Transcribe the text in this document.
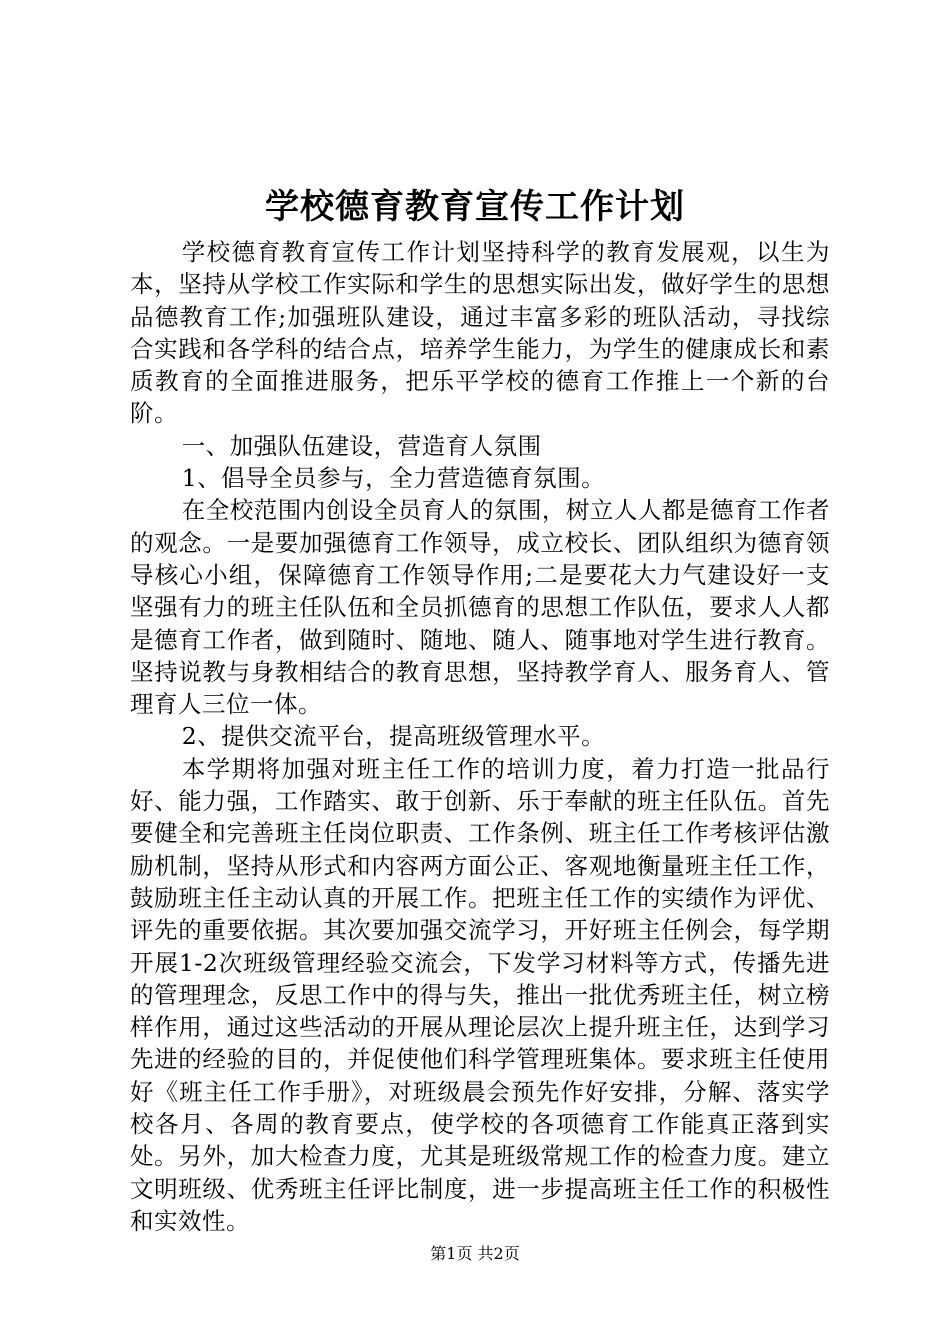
学校德育教育宣传工作计划

学校德育教育宣传工作计划坚持科学的教育发展观，以生为本，坚持从学校工作实际和学生的思想实际出发，做好学生的思想品德教育工作;加强班队建设，通过丰富多彩的班队活动，寻找综合实践和各学科的结合点，培养学生能力，为学生的健康成长和素质教育的全面推进服务，把乐平学校的德育工作推上一个新的台阶。

一、加强队伍建设，营造育人氛围

1、倡导全员参与，全力营造德育氛围。

在全校范围内创设全员育人的氛围，树立人人都是德育工作者的观念。一是要加强德育工作领导，成立校长、团队组织为德育领导核心小组，保障德育工作领导作用;二是要花大力气建设好一支坚强有力的班主任队伍和全员抓德育的思想工作队伍，要求人人都是德育工作者，做到随时、随地、随人、随事地对学生进行教育。坚持说教与身教相结合的教育思想，坚持教学育人、服务育人、管理育人三位一体。

2、提供交流平台，提高班级管理水平。

本学期将加强对班主任工作的培训力度，着力打造一批品行好、能力强，工作踏实、敢于创新、乐于奉献的班主任队伍。首先要健全和完善班主任岗位职责、工作条例、班主任工作考核评估激励机制，坚持从形式和内容两方面公正、客观地衡量班主任工作，鼓励班主任主动认真的开展工作。把班主任工作的实绩作为评优、评先的重要依据。其次要加强交流学习，开好班主任例会，每学期开展1-2次班级管理经验交流会，下发学习材料等方式，传播先进的管理理念，反思工作中的得与失，推出一批优秀班主任，树立榜样作用，通过这些活动的开展从理论层次上提升班主任，达到学习先进的经验的目的，并促使他们科学管理班集体。要求班主任使用好《班主任工作手册》，对班级晨会预先作好安排，分解、落实学校各月、各周的教育要点，使学校的各项德育工作能真正落到实处。另外，加大检查力度，尤其是班级常规工作的检查力度。建立文明班级、优秀班主任评比制度，进一步提高班主任工作的积极性和实效性。

第1页 共2页
